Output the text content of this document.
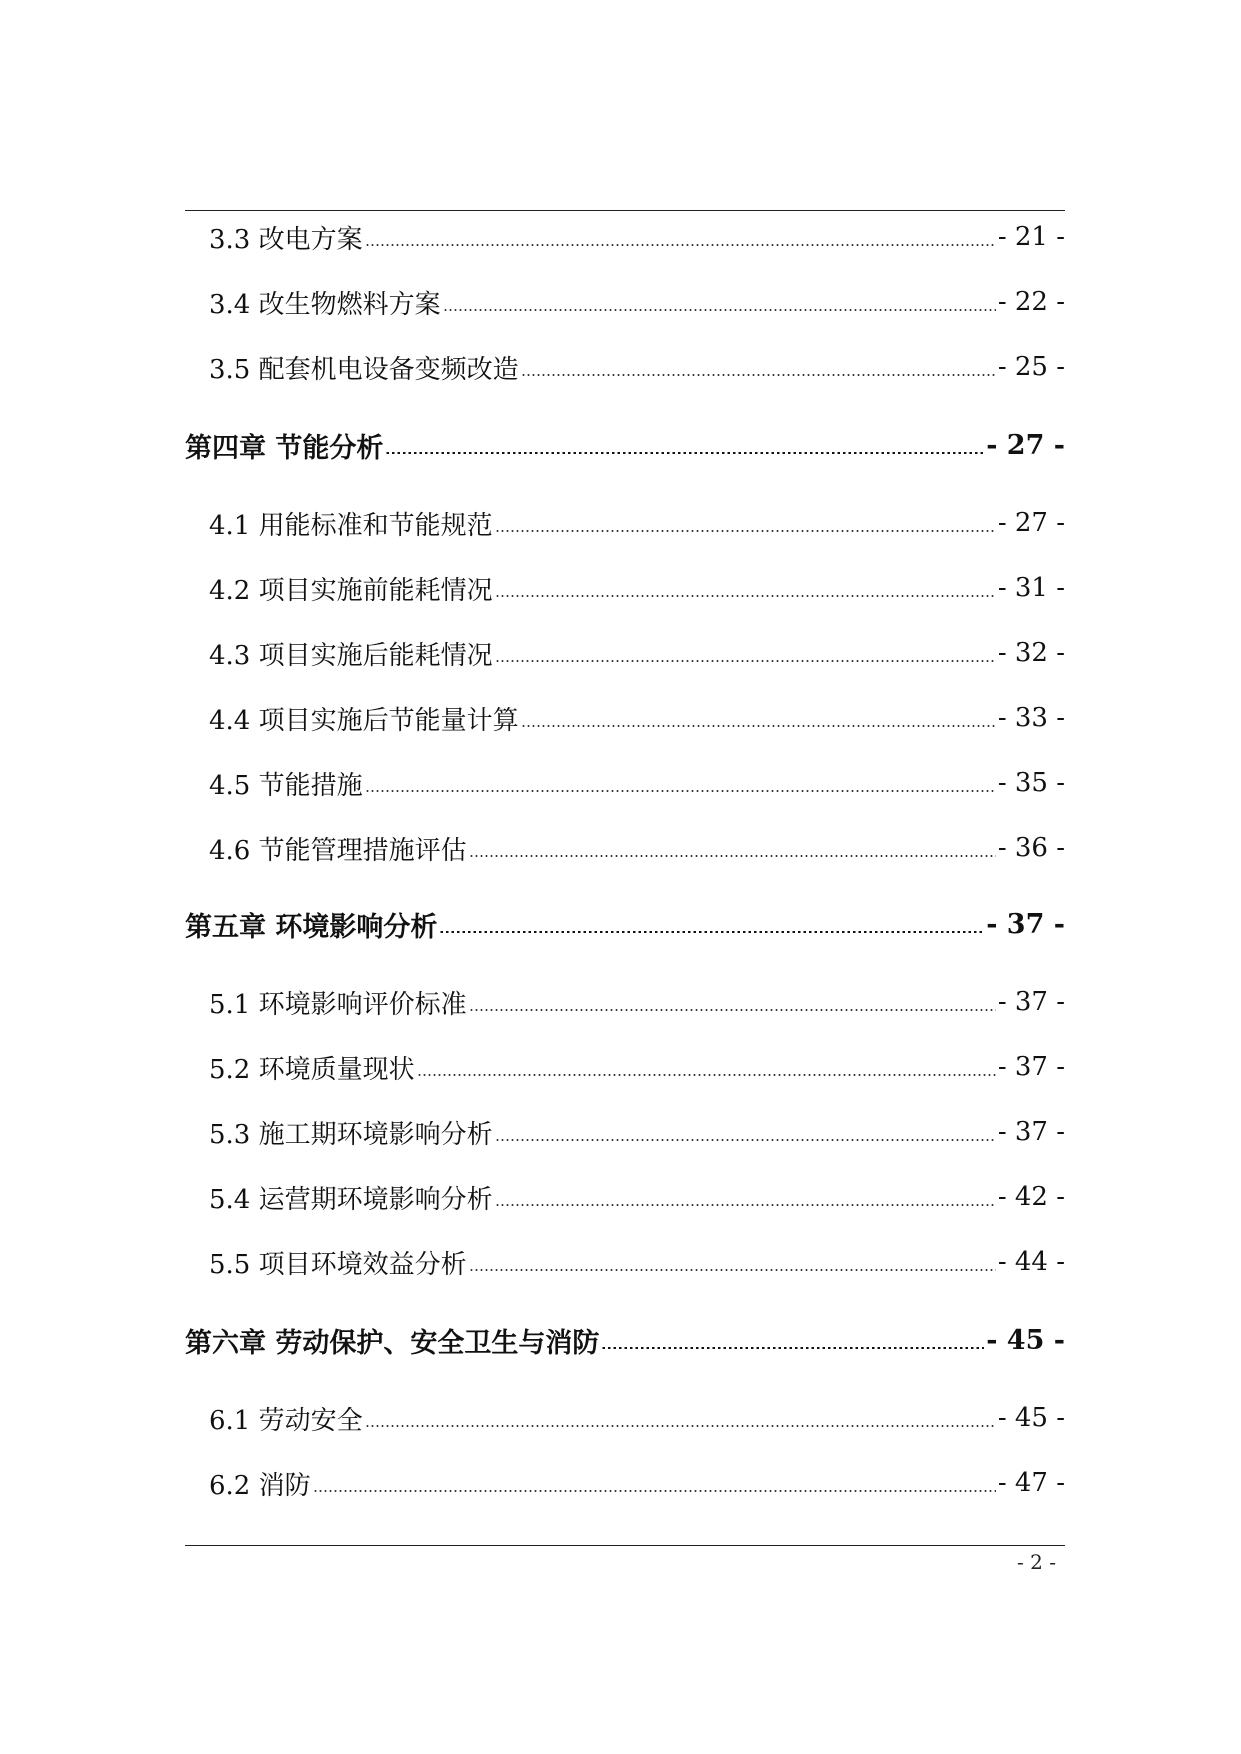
3.3 改电方案	- 21 -
3.4 改生物燃料方案	- 22 -
3.5 配套机电设备变频改造	- 25 -
第四章 节能分析	- 27 -
4.1 用能标准和节能规范	- 27 -
4.2 项目实施前能耗情况	- 31 -
4.3 项目实施后能耗情况	- 32 -
4.4 项目实施后节能量计算	- 33 -
4.5 节能措施	- 35 -
4.6 节能管理措施评估	- 36 -
第五章 环境影响分析	- 37 -
5.1 环境影响评价标准	- 37 -
5.2 环境质量现状	- 37 -
5.3 施工期环境影响分析	- 37 -
5.4 运营期环境影响分析	- 42 -
5.5 项目环境效益分析	- 44 -
第六章 劳动保护、安全卫生与消防	- 45 -
6.1 劳动安全	- 45 -
6.2 消防	- 47 -
- 2 -
